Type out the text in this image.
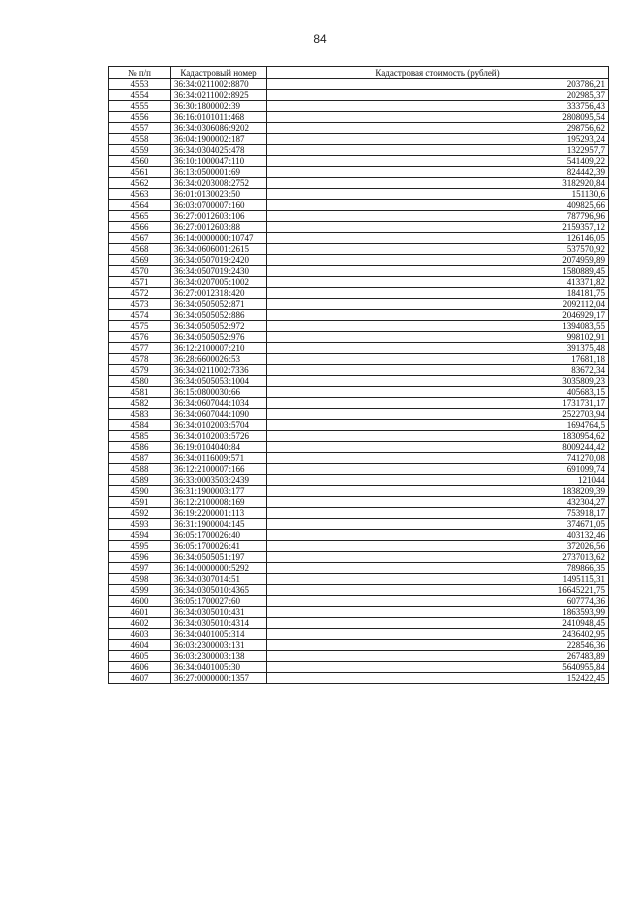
84
№ п/п	Кадастровый номер	Кадастровая стоимость (рублей)
4553	36:34:0211002:8870	203786,21
4554	36:34:0211002:8925	202985,37
4555	36:30:1800002:39	333756,43
4556	36:16:0101011:468	2808095,54
4557	36:34:0306086:9202	298756,62
4558	36:04:1900002:187	195293,24
4559	36:34:0304025:478	1322957,7
4560	36:10:1000047:110	541409,22
4561	36:13:0500001:69	824442,39
4562	36:34:0203008:2752	3182920,84
4563	36:01:0130023:50	151130,6
4564	36:03:0700007:160	409825,66
4565	36:27:0012603:106	787796,96
4566	36:27:0012603:88	2159357,12
4567	36:14:0000000:10747	126146,05
4568	36:34:0606001:2615	537570,92
4569	36:34:0507019:2420	2074959,89
4570	36:34:0507019:2430	1580889,45
4571	36:34:0207005:1002	413371,82
4572	36:27:0012318:420	184181,75
4573	36:34:0505052:871	2092112,04
4574	36:34:0505052:886	2046929,17
4575	36:34:0505052:972	1394083,55
4576	36:34:0505052:976	998102,91
4577	36:12:2100007:210	391375,48
4578	36:28:6600026:53	17681,18
4579	36:34:0211002:7336	83672,34
4580	36:34:0505053:1004	3035809,23
4581	36:15:0800030:66	405683,15
4582	36:34:0607044:1034	1731731,17
4583	36:34:0607044:1090	2522703,94
4584	36:34:0102003:5704	1694764,5
4585	36:34:0102003:5726	1830954,62
4586	36:19:0104040:84	8009244,42
4587	36:34:0116009:571	741270,08
4588	36:12:2100007:166	691099,74
4589	36:33:0003503:2439	121044
4590	36:31:1900003:177	1838209,39
4591	36:12:2100008:169	432304,27
4592	36:19:2200001:113	753918,17
4593	36:31:1900004:145	374671,05
4594	36:05:1700026:40	403132,46
4595	36:05:1700026:41	372026,56
4596	36:34:0505051:197	2737013,62
4597	36:14:0000000:5292	789866,35
4598	36:34:0307014:51	1495115,31
4599	36:34:0305010:4365	16645221,75
4600	36:05:1700027:60	607774,36
4601	36:34:0305010:431	1863593,99
4602	36:34:0305010:4314	2410948,45
4603	36:34:0401005:314	2436402,95
4604	36:03:2300003:131	228546,36
4605	36:03:2300003:138	267483,89
4606	36:34:0401005:30	5640955,84
4607	36:27:0000000:1357	152422,45
